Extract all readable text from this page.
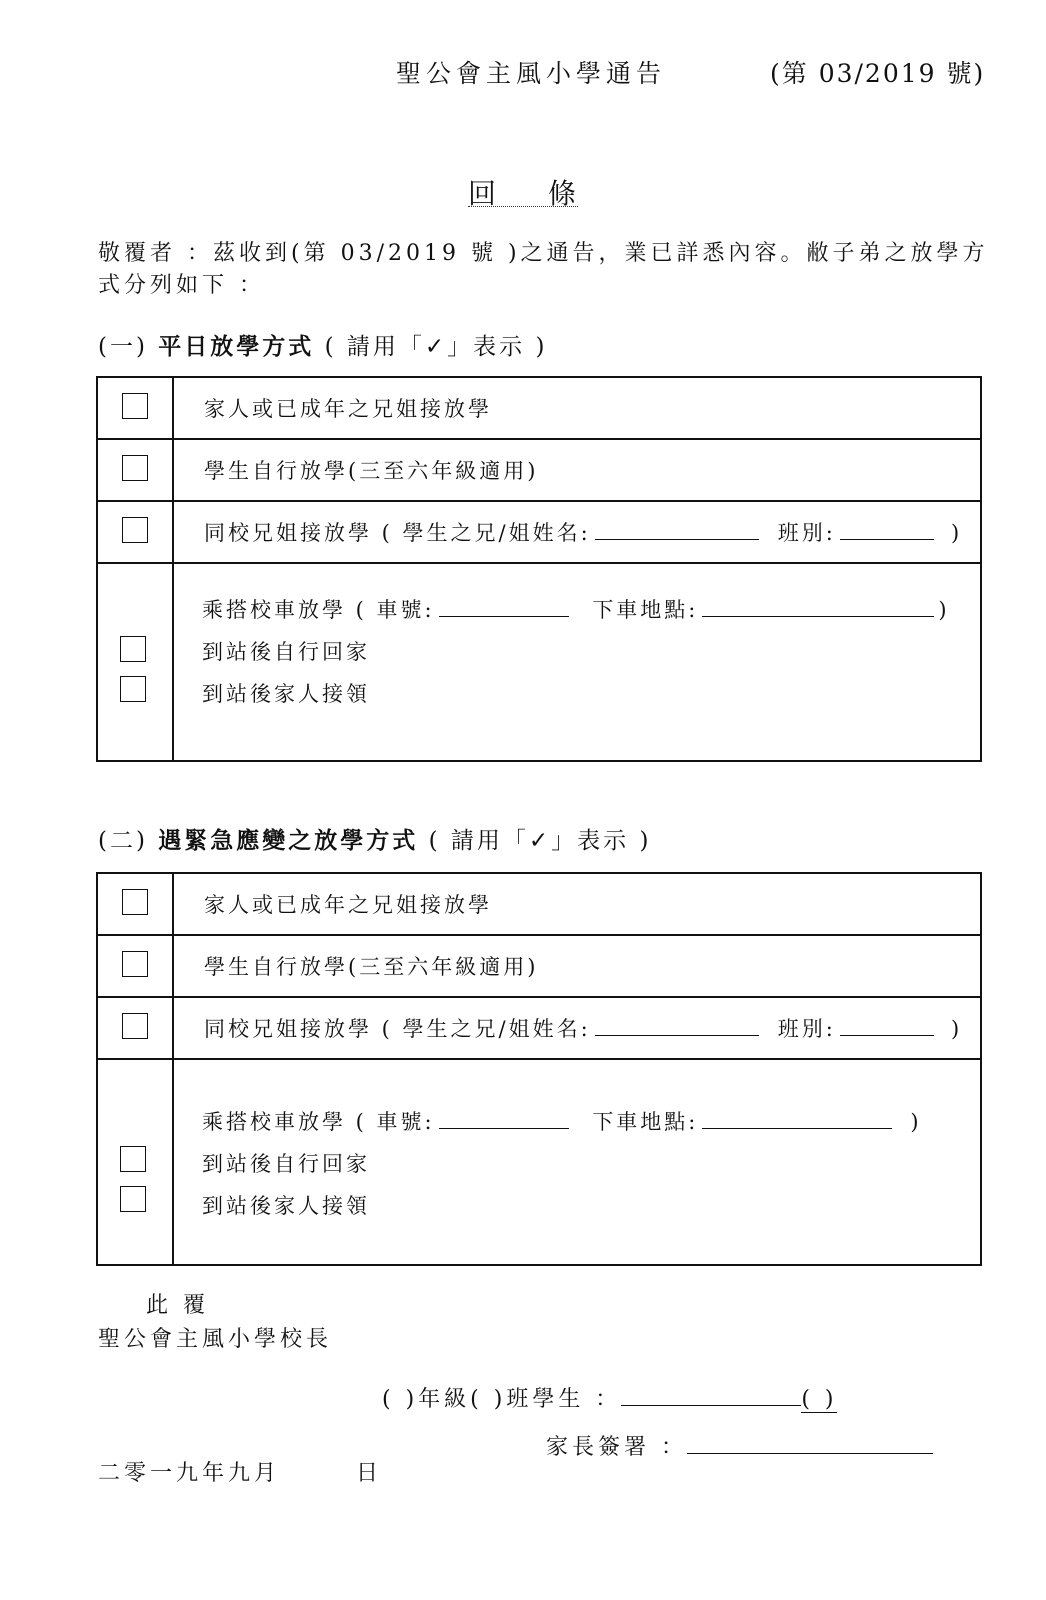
聖公會主風小學通告	(第 03/2019 號)
回 條
敬覆者 ：茲收到(第 03/2019 號 )之通告，業已詳悉內容。敝子弟之放學方
式分列如下 ：
(一) 平日放學方式 ( 請用「✓」表示 )
	家人或已成年之兄姐接放學
	學生自行放學(三至六年級適用)
	同校兄姐接放學 ( 學生之兄/姐姓名: 班別: )

	乘搭校車放學 ( 車號: 下車地點: )
到站後自行回家
到站後家人接領
(二) 遇緊急應變之放學方式 ( 請用「✓」表示 )
	家人或已成年之兄姐接放學
	學生自行放學(三至六年級適用)
	同校兄姐接放學 ( 學生之兄/姐姓名: 班別: )

	乘搭校車放學 ( 車號: 下車地點: )
到站後自行回家
到站後家人接領
此 覆
聖公會主風小學校長
( )年級( )班學生 ：	( )
家長簽署 ：
二零一九年九月	日
